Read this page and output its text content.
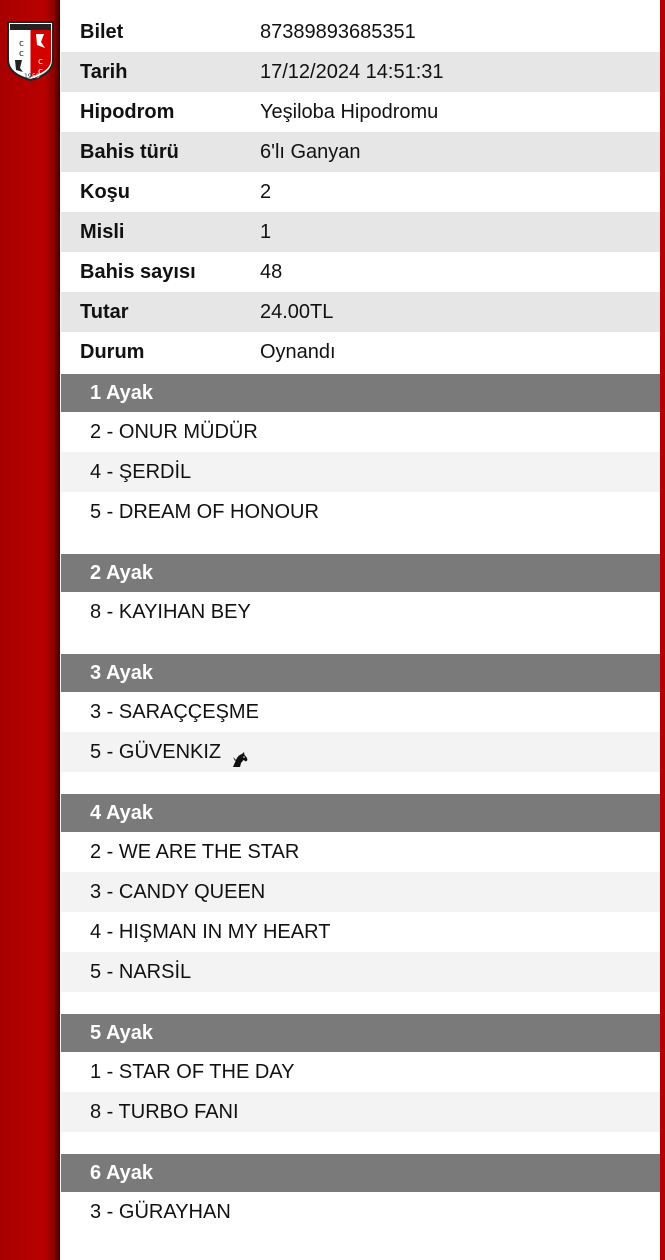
c
c
c
c
19 50
Bilet	87389893685351
Tarih	17/12/2024 14:51:31
Hipodrom	Yeşiloba Hipodromu
Bahis türü	6'lı Ganyan
Koşu	2
Misli	1
Bahis sayısı	48
Tutar	24.00TL
Durum	Oynandı
1 Ayak
2 - ONUR MÜDÜR
4 - ŞERDİL
5 - DREAM OF HONOUR
2 Ayak
8 - KAYIHAN BEY
3 Ayak
3 - SARAÇÇEŞME
5 - GÜVENKIZ
4 Ayak
2 - WE ARE THE STAR
3 - CANDY QUEEN
4 - HIŞMAN IN MY HEART
5 - NARSİL
5 Ayak
1 - STAR OF THE DAY
8 - TURBO FANI
6 Ayak
3 - GÜRAYHAN
